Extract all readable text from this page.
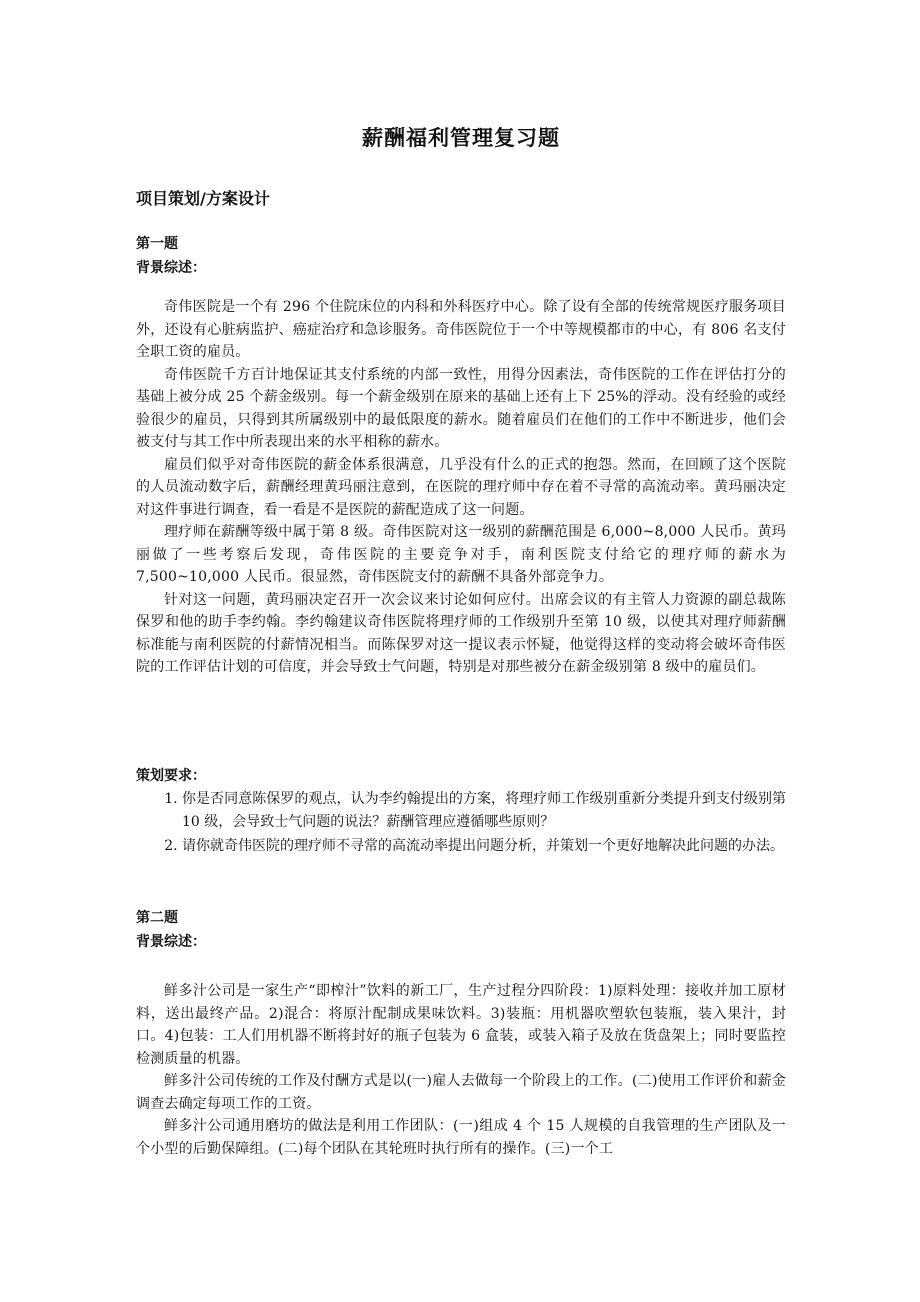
薪酬福利管理复习题
项目策划/方案设计
第一题
背景综述：

奇伟医院是一个有 296 个住院床位的内科和外科医疗中心。除了设有全部的传统常规医疗服务项目外，还设有心脏病监护、癌症治疗和急诊服务。奇伟医院位于一个中等规模都市的中心，有 806 名支付全职工资的雇员。

奇伟医院千方百计地保证其支付系统的内部一致性，用得分因素法，奇伟医院的工作在评估打分的基础上被分成 25 个薪金级别。每一个薪金级别在原来的基础上还有上下 25%的浮动。没有经验的或经验很少的雇员，只得到其所属级别中的最低限度的薪水。随着雇员们在他们的工作中不断进步，他们会被支付与其工作中所表现出来的水平相称的薪水。

雇员们似乎对奇伟医院的薪金体系很满意，几乎没有什么的正式的抱怨。然而，在回顾了这个医院的人员流动数字后，薪酬经理黄玛丽注意到，在医院的理疗师中存在着不寻常的高流动率。黄玛丽决定对这件事进行调查，看一看是不是医院的薪配造成了这一问题。

理疗师在薪酬等级中属于第 8 级。奇伟医院对这一级别的薪酬范围是 6,000~8,000 人民币。黄玛丽做了一些考察后发现，奇伟医院的主要竞争对手，南利医院支付给它的理疗师的薪水为 7,500~10,000 人民币。很显然，奇伟医院支付的薪酬不具备外部竞争力。

针对这一问题，黄玛丽决定召开一次会议来讨论如何应付。出席会议的有主管人力资源的副总裁陈保罗和他的助手李约翰。李约翰建议奇伟医院将理疗师的工作级别升至第 10 级，以使其对理疗师薪酬标准能与南利医院的付薪情况相当。而陈保罗对这一提议表示怀疑，他觉得这样的变动将会破坏奇伟医院的工作评估计划的可信度，并会导致士气问题，特别是对那些被分在薪金级别第 8 级中的雇员们。

策划要求：
1. 你是否同意陈保罗的观点，认为李约翰提出的方案，将理疗师工作级别重新分类提升到支付级别第 10 级，会导致士气问题的说法？薪酬管理应遵循哪些原则？
2. 请你就奇伟医院的理疗师不寻常的高流动率提出问题分析，并策划一个更好地解决此问题的办法。
第二题
背景综述：

鲜多汁公司是一家生产“即榨汁”饮料的新工厂，生产过程分四阶段：1)原料处理：接收并加工原材料，送出最终产品。2)混合：将原汁配制成果味饮料。3)装瓶：用机器吹塑软包装瓶，装入果汁，封口。4)包装：工人们用机器不断将封好的瓶子包装为 6 盒装，或装入箱子及放在货盘架上；同时要监控检测质量的机器。

鲜多汁公司传统的工作及付酬方式是以(一)雇人去做每一个阶段上的工作。(二)使用工作评价和薪金调查去确定每项工作的工资。

鲜多汁公司通用磨坊的做法是利用工作团队：(一)组成 4 个 15 人规模的自我管理的生产团队及一个小型的后勤保障组。(二)每个团队在其轮班时执行所有的操作。(三)一个工
